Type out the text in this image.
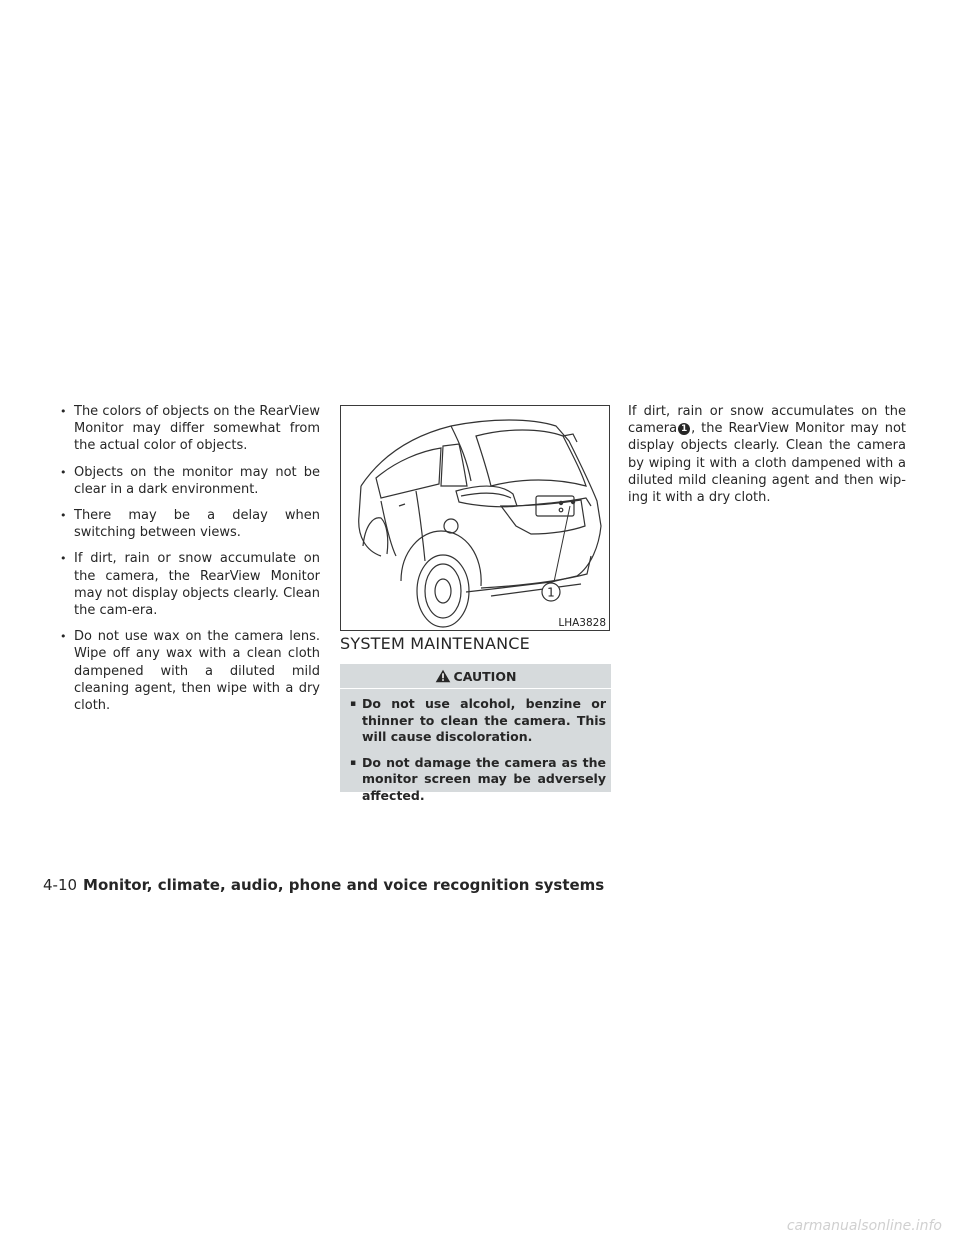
• The colors of objects on the RearView Monitor may differ somewhat from the actual color of objects.
• Objects on the monitor may not be clear in a dark environment.
• There may be a delay when switching between views.
• If dirt, rain or snow accumulate on the camera, the RearView Monitor may not display objects clearly. Clean the cam-era.
• Do not use wax on the camera lens. Wipe off any wax with a clean cloth dampened with a diluted mild cleaning agent, then wipe with a dry cloth.
1
LHA3828
SYSTEM MAINTENANCE
CAUTION
▪ Do not use alcohol, benzine or thinner to clean the camera. This will cause discoloration.
▪ Do not damage the camera as the monitor screen may be adversely affected.

If dirt, rain or snow accumulates on the camera 1 , the RearView Monitor may not display objects clearly. Clean the camera by wiping it with a cloth dampened with a diluted mild cleaning agent and then wip-ing it with a dry cloth.

4-10 Monitor, climate, audio, phone and voice recognition systems
carmanualsonline.info
